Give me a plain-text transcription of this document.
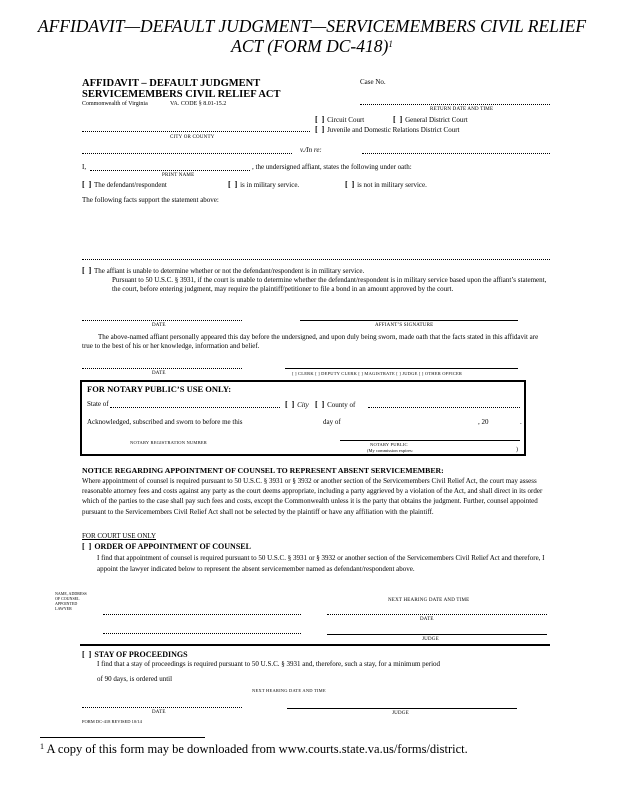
AFFIDAVIT—DEFAULT JUDGMENT—SERVICEMEMBERS CIVIL RELIEF
ACT (FORM DC-418)$^1$
AFFIDAVIT – DEFAULT JUDGMENT
SERVICEMEMBERS CIVIL RELIEF ACT
Commonwealth of Virginia	VA. CODE § 8.01-15.2
Case No.
RETURN DATE AND TIME
[ ] Circuit Court	[ ] General District Court
[ ] Juvenile and Domestic Relations District Court
CITY OR COUNTY
v./In re:
I,	, the undersigned affiant, states the following under oath:
PRINT NAME
[ ] The defendant/respondent	[ ] is in military service.	[ ] is not in military service.
The following facts support the statement above:
[ ] The affiant is unable to determine whether or not the defendant/respondent is in military service.
Pursuant to 50 U.S.C. § 3931, if the court is unable to determine whether the defendant/respondent is in military service based upon the affiant’s statement, the court, before entering judgment, may require the plaintiff/petitioner to file a bond in an amount approved by the court.
DATE	AFFIANT’S SIGNATURE
The above-named affiant personally appeared this day before the undersigned, and upon duly being sworn, made oath that the facts stated in this affidavit are true to the best of his or her knowledge, information and belief.
DATE	[ ] CLERK [ ] DEPUTY CLERK [ ] MAGISTRATE [ ] JUDGE [ ] OTHER OFFICER
FOR NOTARY PUBLIC’S USE ONLY:
State of	[ ] City [ ] County of
Acknowledged, subscribed and sworn to before me this	day of	, 20	.
NOTARY REGISTRATION NUMBER	NOTARY PUBLIC
(My commission expires:	)
NOTICE REGARDING APPOINTMENT OF COUNSEL TO REPRESENT ABSENT SERVICEMEMBER:
Where appointment of counsel is required pursuant to 50 U.S.C. § 3931 or § 3932 or another section of the Servicemembers Civil Relief Act, the court may assess reasonable attorney fees and costs against any party as the court deems appropriate, including a party aggrieved by a violation of the Act, and shall direct in its order which of the parties to the case shall pay such fees and costs, except the Commonwealth unless it is the party that obtains the judgment. Further, counsel appointed pursuant to the Servicemembers Civil Relief Act shall not be selected by the plaintiff or have any affiliation with the plaintiff.
FOR COURT USE ONLY
[ ] ORDER OF APPOINTMENT OF COUNSEL
I find that appointment of counsel is required pursuant to 50 U.S.C. § 3931 or § 3932 or another section of the Servicemembers Civil Relief Act and therefore, I appoint the lawyer indicated below to represent the absent servicemember named as defendant/respondent above.
NAME, ADDRESS OF COUNSEL APPOINTED LAWYER
NEXT HEARING DATE AND TIME
DATE
JUDGE
[ ] STAY OF PROCEEDINGS
I find that a stay of proceedings is required pursuant to 50 U.S.C. § 3931 and, therefore, such a stay, for a minimum period
of 90 days, is ordered until
NEXT HEARING DATE AND TIME
DATE	JUDGE
FORM DC-418 REVISED 10/14
$^1$ A copy of this form may be downloaded from www.courts.state.va.us/forms/district.
